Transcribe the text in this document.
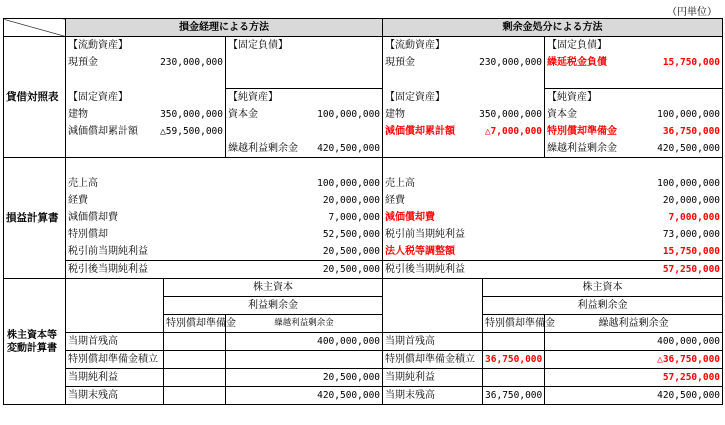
（円単位）
	損金経理による方法			剰余金処分による方法		
貸借対照表	【流動資産】		【固定負債】	【流動資産】		【固定負債】

	現預金 230,000,000			現預金 230,000,000		繰延税金負債 15,750,000

	【固定資産】		【純資産】	【固定資産】		【純資産】

	建物 350,000,000		資本金 100,000,000	建物 350,000,000		資本金 100,000,000

	減価償却累計額 △59,500,000			減価償却累計額 △7,000,000		特別償却準備金 36,750,000

			繰越利益剰余金 420,500,000			繰越利益剰余金 420,500,000

損益計算書						
	売上高		100,000,000	売上高		100,000,000
	経費		20,000,000	経費		20,000,000
	減価償却費		7,000,000	減価償却費		7,000,000
	特別償却		52,500,000	税引前当期純利益		73,000,000
	税引前当期純利益		20,500,000	法人税等調整額		15,750,000
	税引後当期純利益		20,500,000	税引後当期純利益		57,250,000
株主資本等変動計算書		株主資本			株主資本	
		利益剰余金			利益剰余金	
		特別償却準備金	繰越利益剰余金		特別償却準備金	繰越利益剰余金
	当期首残高		400,000,000	当期首残高		400,000,000
	特別償却準備金積立			特別償却準備金積立	36,750,000	△36,750,000
	当期純利益		20,500,000	当期純利益		57,250,000
	当期末残高		420,500,000	当期末残高	36,750,000	420,500,000
